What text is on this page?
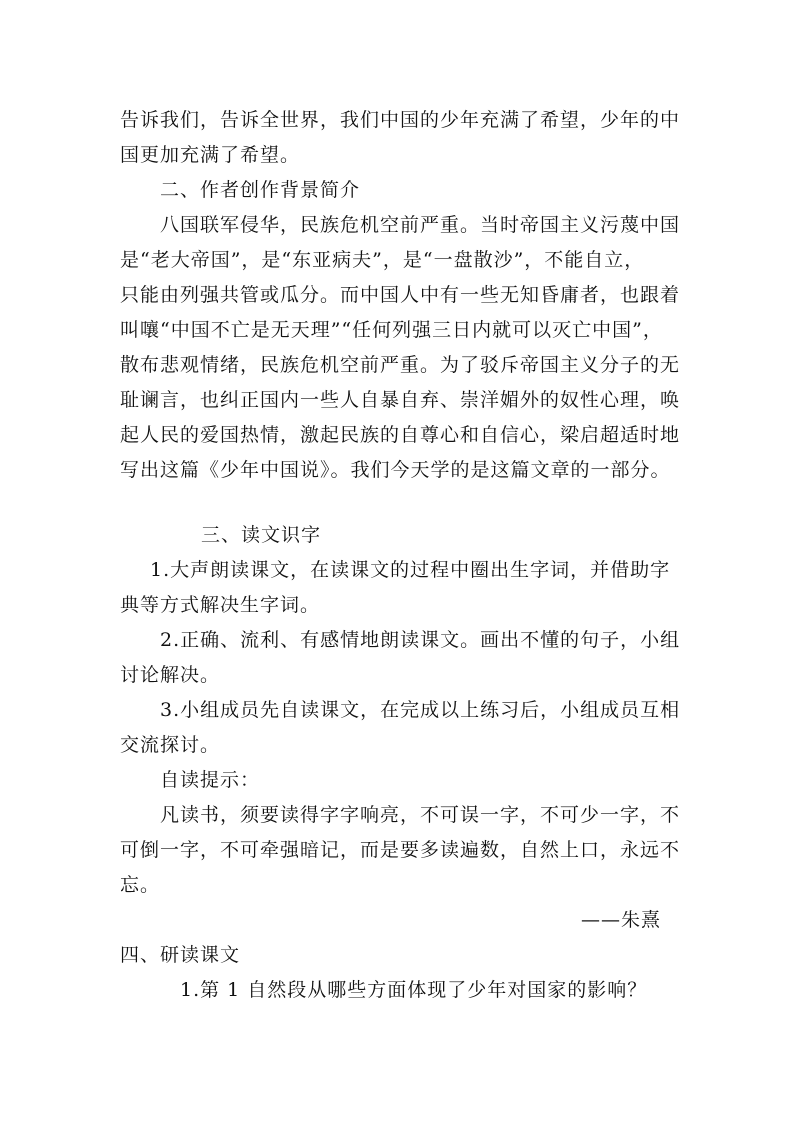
告诉我们，告诉全世界，我们中国的少年充满了希望，少年的中
国更加充满了希望。
二、作者创作背景简介
八国联军侵华，民族危机空前严重。当时帝国主义污蔑中国
是“老大帝国”，是“东亚病夫”，是“一盘散沙”，不能自立，
只能由列强共管或瓜分。而中国人中有一些无知昏庸者，也跟着
叫嚷“中国不亡是无天理”“任何列强三日内就可以灭亡中国”，
散布悲观情绪，民族危机空前严重。为了驳斥帝国主义分子的无
耻谰言，也纠正国内一些人自暴自弃、崇洋媚外的奴性心理，唤
起人民的爱国热情，激起民族的自尊心和自信心，梁启超适时地
写出这篇《少年中国说》。我们今天学的是这篇文章的一部分。
三、读文识字
1.大声朗读课文，在读课文的过程中圈出生字词，并借助字
典等方式解决生字词。
2.正确、流利、有感情地朗读课文。画出不懂的句子，小组
讨论解决。
3.小组成员先自读课文，在完成以上练习后，小组成员互相
交流探讨。
自读提示：
凡读书，须要读得字字响亮，不可误一字，不可少一字，不
可倒一字，不可牵强暗记，而是要多读遍数，自然上口，永远不
忘。
——朱熹
四、研读课文
1.第 1 自然段从哪些方面体现了少年对国家的影响？
